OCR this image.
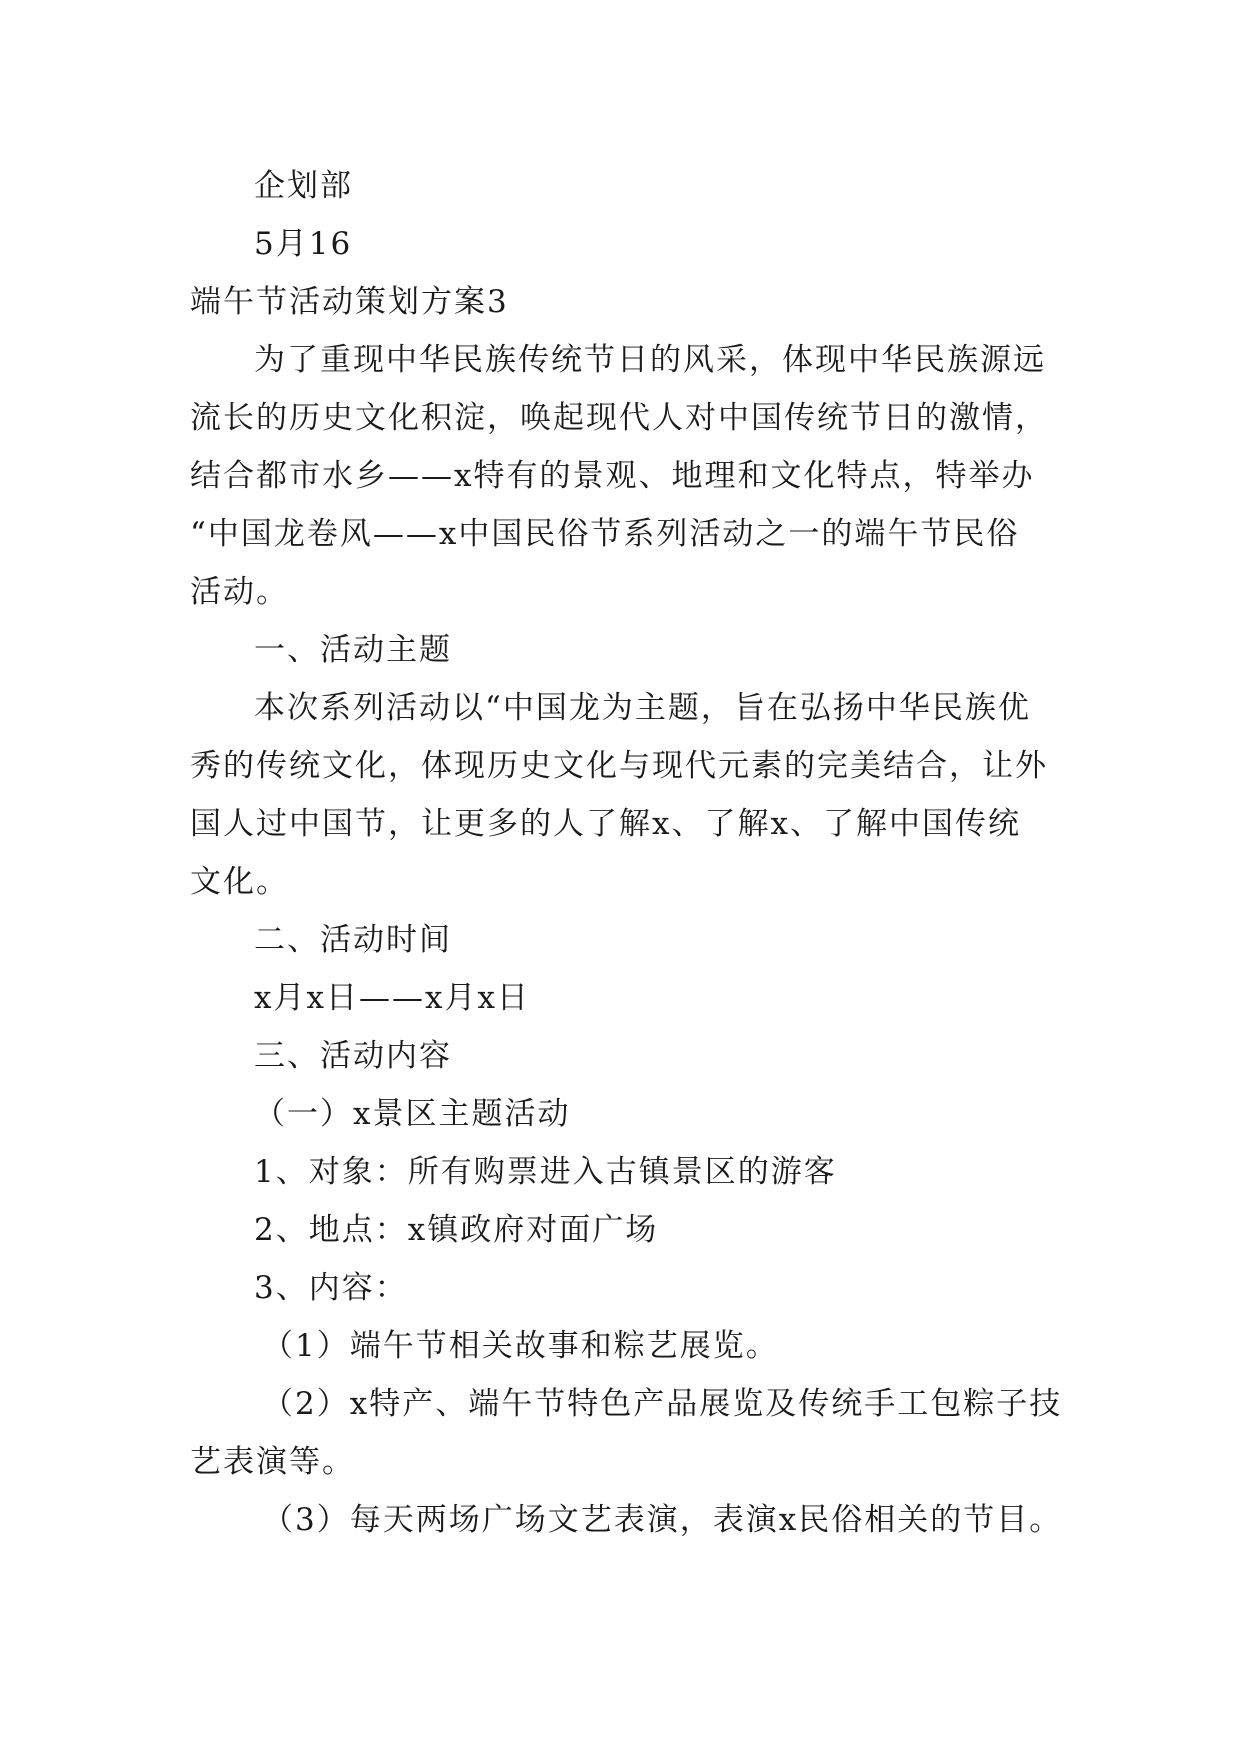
企划部
5月16
端午节活动策划方案3
为了重现中华民族传统节日的风采，体现中华民族源远
流长的历史文化积淀，唤起现代人对中国传统节日的激情，
结合都市水乡——x特有的景观、地理和文化特点，特举办
“中国龙卷风——x中国民俗节系列活动之一的端午节民俗
活动。
一、活动主题
本次系列活动以“中国龙为主题，旨在弘扬中华民族优
秀的传统文化，体现历史文化与现代元素的完美结合，让外
国人过中国节，让更多的人了解x、了解x、了解中国传统
文化。
二、活动时间
x月x日——x月x日
三、活动内容
（一）x景区主题活动
1、对象：所有购票进入古镇景区的游客
2、地点：x镇政府对面广场
3、内容：
（1）端午节相关故事和粽艺展览。
（2）x特产、端午节特色产品展览及传统手工包粽子技
艺表演等。
（3）每天两场广场文艺表演，表演x民俗相关的节目。
